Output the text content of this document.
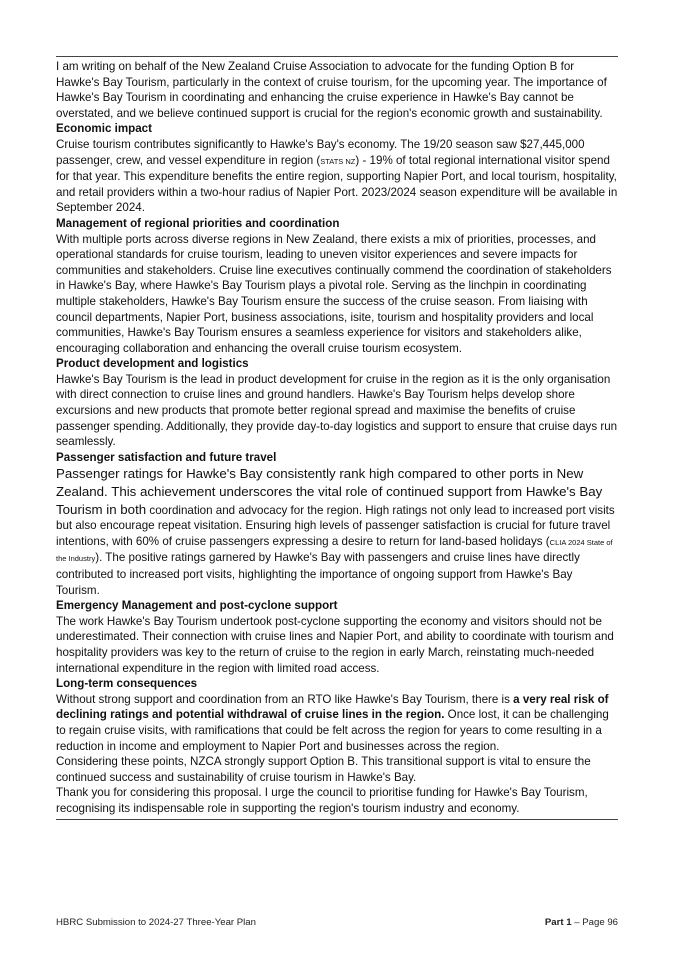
I am writing on behalf of the New Zealand Cruise Association to advocate for the funding Option B for Hawke's Bay Tourism, particularly in the context of cruise tourism, for the upcoming year. The importance of Hawke's Bay Tourism in coordinating and enhancing the cruise experience in Hawke's Bay cannot be overstated, and we believe continued support is crucial for the region's economic growth and sustainability.

Economic impact

Cruise tourism contributes significantly to Hawke's Bay's economy. The 19/20 season saw $27,445,000 passenger, crew, and vessel expenditure in region (STATS NZ) - 19% of total regional international visitor spend for that year. This expenditure benefits the entire region, supporting Napier Port, and local tourism, hospitality, and retail providers within a two-hour radius of Napier Port. 2023/2024 season expenditure will be available in September 2024.

Management of regional priorities and coordination

With multiple ports across diverse regions in New Zealand, there exists a mix of priorities, processes, and operational standards for cruise tourism, leading to uneven visitor experiences and severe impacts for communities and stakeholders. Cruise line executives continually commend the coordination of stakeholders in Hawke's Bay, where Hawke's Bay Tourism plays a pivotal role. Serving as the linchpin in coordinating multiple stakeholders, Hawke's Bay Tourism ensure the success of the cruise season. From liaising with council departments, Napier Port, business associations, isite, tourism and hospitality providers and local communities, Hawke's Bay Tourism ensures a seamless experience for visitors and stakeholders alike, encouraging collaboration and enhancing the overall cruise tourism ecosystem.

Product development and logistics

Hawke's Bay Tourism is the lead in product development for cruise in the region as it is the only organisation with direct connection to cruise lines and ground handlers. Hawke's Bay Tourism helps develop shore excursions and new products that promote better regional spread and maximise the benefits of cruise passenger spending. Additionally, they provide day-to-day logistics and support to ensure that cruise days run seamlessly.

Passenger satisfaction and future travel

Passenger ratings for Hawke's Bay consistently rank high compared to other ports in New Zealand. This achievement underscores the vital role of continued support from Hawke's Bay Tourism in both coordination and advocacy for the region. High ratings not only lead to increased port visits but also encourage repeat visitation. Ensuring high levels of passenger satisfaction is crucial for future travel intentions, with 60% of cruise passengers expressing a desire to return for land-based holidays (CLIA 2024 State of the Industry). The positive ratings garnered by Hawke's Bay with passengers and cruise lines have directly contributed to increased port visits, highlighting the importance of ongoing support from Hawke's Bay Tourism.

Emergency Management and post-cyclone support

The work Hawke's Bay Tourism undertook post-cyclone supporting the economy and visitors should not be underestimated. Their connection with cruise lines and Napier Port, and ability to coordinate with tourism and hospitality providers was key to the return of cruise to the region in early March, reinstating much-needed international expenditure in the region with limited road access.

Long-term consequences

Without strong support and coordination from an RTO like Hawke's Bay Tourism, there is a very real risk of declining ratings and potential withdrawal of cruise lines in the region. Once lost, it can be challenging to regain cruise visits, with ramifications that could be felt across the region for years to come resulting in a reduction in income and employment to Napier Port and businesses across the region.

Considering these points, NZCA strongly support Option B. This transitional support is vital to ensure the continued success and sustainability of cruise tourism in Hawke's Bay.

Thank you for considering this proposal. I urge the council to prioritise funding for Hawke's Bay Tourism, recognising its indispensable role in supporting the region's tourism industry and economy.

HBRC Submission to 2024-27 Three-Year Plan	Part 1 – Page 96
